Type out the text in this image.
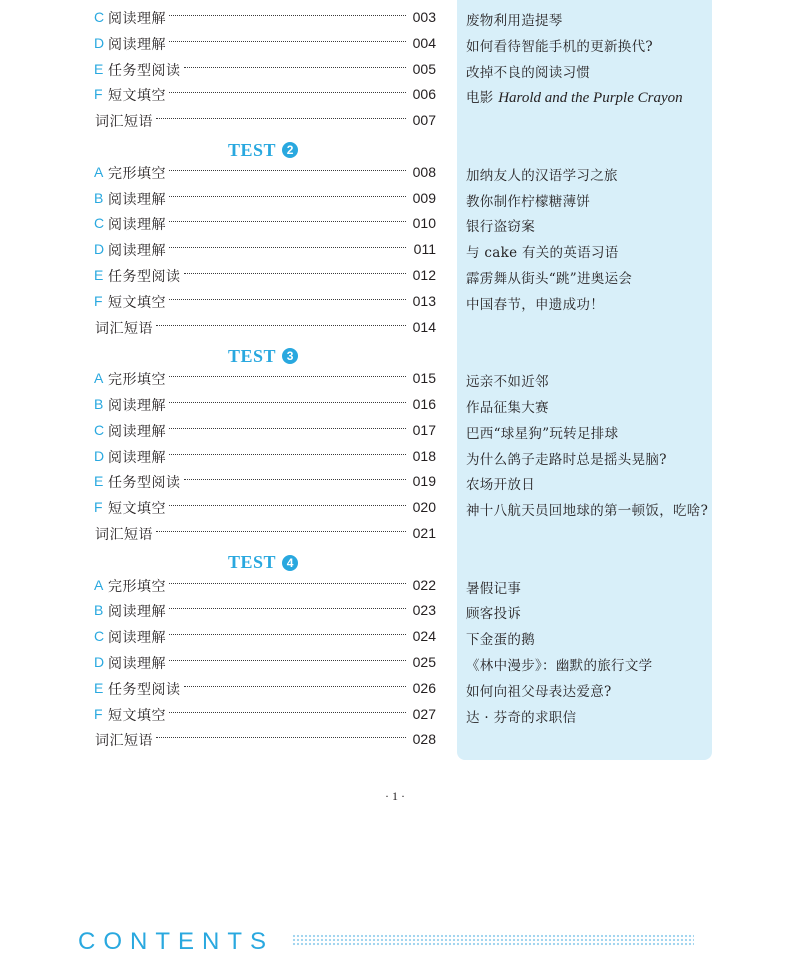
C 阅读理解	003 废物利用造提琴
D 阅读理解	004 如何看待智能手机的更新换代?
E 任务型阅读	005 改掉不良的阅读习惯
F 短文填空	006 电影 Harold and the Purple Crayon
词汇短语	007
TEST 2
A 完形填空	008 加纳友人的汉语学习之旅
B 阅读理解	009 教你制作柠檬糖薄饼
C 阅读理解	010 银行盗窃案
D 阅读理解	011 与 cake 有关的英语习语
E 任务型阅读	012 霹雳舞从街头“跳”进奥运会
F 短文填空	013 中国春节，申遗成功！
词汇短语	014
TEST 3
A 完形填空	015 远亲不如近邻
B 阅读理解	016 作品征集大赛
C 阅读理解	017 巴西“球星狗”玩转足排球
D 阅读理解	018 为什么鸽子走路时总是摇头晃脑?
E 任务型阅读	019 农场开放日
F 短文填空	020 神十八航天员回地球的第一顿饭，吃啥?
词汇短语	021
TEST 4
A 完形填空	022 暑假记事
B 阅读理解	023 顾客投诉
C 阅读理解	024 下金蛋的鹅
D 阅读理解	025 《林中漫步》：幽默的旅行文学
E 任务型阅读	026 如何向祖父母表达爱意?
F 短文填空	027 达 · 芬奇的求职信
词汇短语	028
· 1 ·
CONTENTS
